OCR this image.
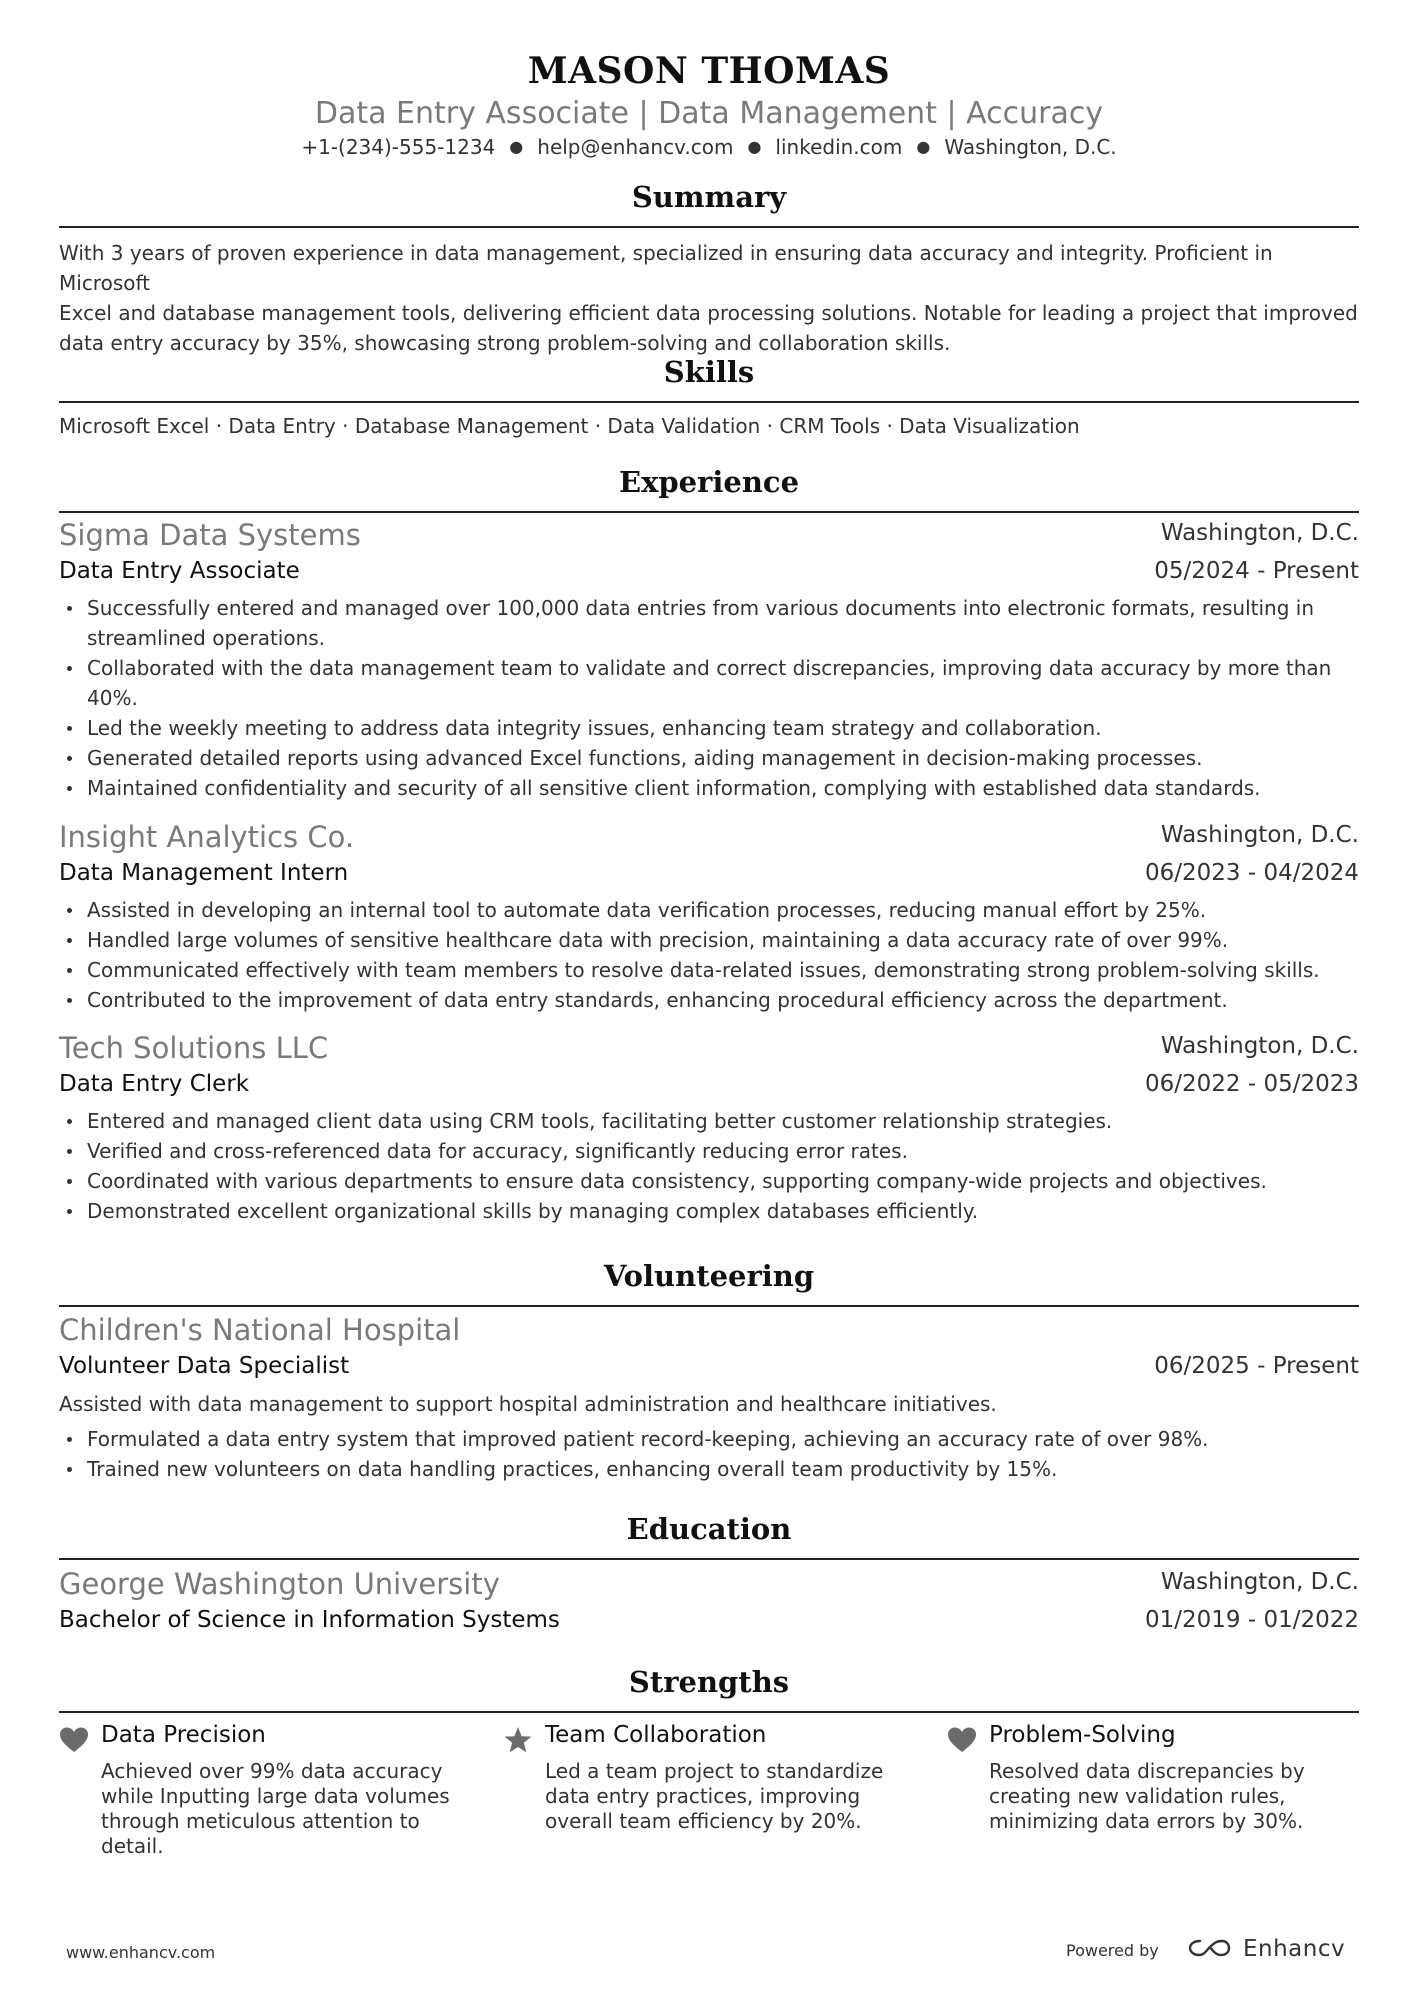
MASON THOMAS
Data Entry Associate | Data Management | Accuracy
+1-(234)-555-1234 ● help@enhancv.com ● linkedin.com ● Washington, D.C.
Summary
With 3 years of proven experience in data management, specialized in ensuring data accuracy and integrity. Proficient in Microsoft
Excel and database management tools, delivering efficient data processing solutions. Notable for leading a project that improved
data entry accuracy by 35%, showcasing strong problem-solving and collaboration skills.
Skills
Microsoft Excel · Data Entry · Database Management · Data Validation · CRM Tools · Data Visualization
Experience
Sigma Data Systems	Washington, D.C.
Data Entry Associate	05/2024 - Present
Successfully entered and managed over 100,000 data entries from various documents into electronic formats, resulting in
streamlined operations.
Collaborated with the data management team to validate and correct discrepancies, improving data accuracy by more than
40%.
Led the weekly meeting to address data integrity issues, enhancing team strategy and collaboration.
Generated detailed reports using advanced Excel functions, aiding management in decision-making processes.
Maintained confidentiality and security of all sensitive client information, complying with established data standards.
Insight Analytics Co.	Washington, D.C.
Data Management Intern	06/2023 - 04/2024
Assisted in developing an internal tool to automate data verification processes, reducing manual effort by 25%.
Handled large volumes of sensitive healthcare data with precision, maintaining a data accuracy rate of over 99%.
Communicated effectively with team members to resolve data-related issues, demonstrating strong problem-solving skills.
Contributed to the improvement of data entry standards, enhancing procedural efficiency across the department.
Tech Solutions LLC	Washington, D.C.
Data Entry Clerk	06/2022 - 05/2023
Entered and managed client data using CRM tools, facilitating better customer relationship strategies.
Verified and cross-referenced data for accuracy, significantly reducing error rates.
Coordinated with various departments to ensure data consistency, supporting company-wide projects and objectives.
Demonstrated excellent organizational skills by managing complex databases efficiently.
Volunteering
Children's National Hospital
Volunteer Data Specialist	06/2025 - Present
Assisted with data management to support hospital administration and healthcare initiatives.
Formulated a data entry system that improved patient record-keeping, achieving an accuracy rate of over 98%.
Trained new volunteers on data handling practices, enhancing overall team productivity by 15%.
Education
George Washington University	Washington, D.C.
Bachelor of Science in Information Systems	01/2019 - 01/2022
Strengths
Data Precision
Achieved over 99% data accuracy
while Inputting large data volumes
through meticulous attention to
detail.
Team Collaboration
Led a team project to standardize
data entry practices, improving
overall team efficiency by 20%.
Problem-Solving
Resolved data discrepancies by
creating new validation rules,
minimizing data errors by 30%.
www.enhancv.com	Powered by	Enhancv
